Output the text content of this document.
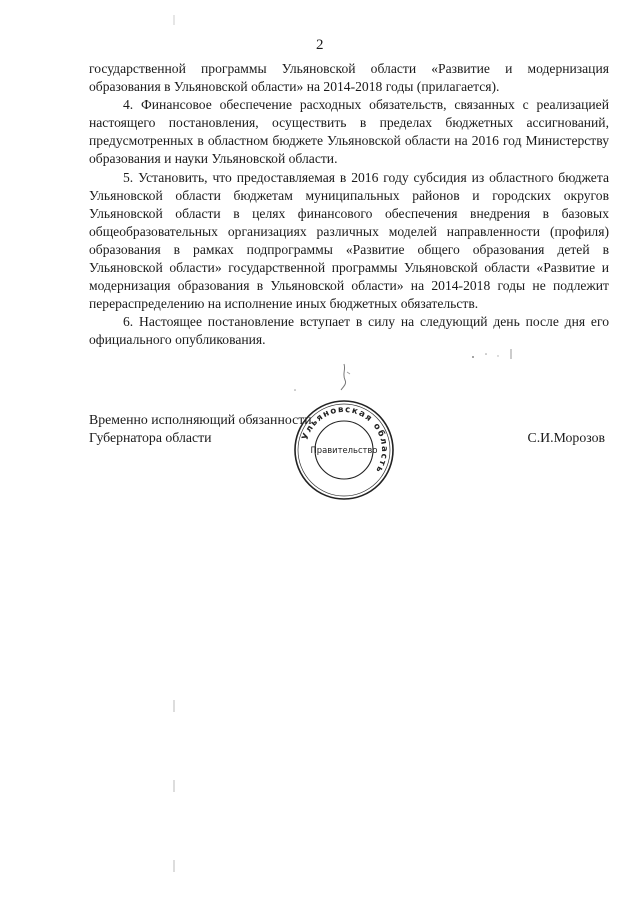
2

государственной программы Ульяновской области «Развитие и модернизация образования в Ульяновской области» на 2014-2018 годы (прилагается).

4. Финансовое обеспечение расходных обязательств, связанных с реализацией настоящего постановления, осуществить в пределах бюджетных ассигнований, предусмотренных в областном бюджете Ульяновской области на 2016 год Министерству образования и науки Ульяновской области.

5. Установить, что предоставляемая в 2016 году субсидия из областного бюджета Ульяновской области бюджетам муниципальных районов и городских округов Ульяновской области в целях финансового обеспечения внедрения в базовых общеобразовательных организациях различных моделей направленности (профиля) образования в рамках подпрограммы «Развитие общего образования детей в Ульяновской области» государственной программы Ульяновской области «Развитие и модернизация образования в Ульяновской области» на 2014-2018 годы не подлежит перераспределению на исполнение иных бюджетных обязательств.

6. Настоящее постановление вступает в силу на следующий день после дня его официального опубликования.

Временно исполняющий обязанности
Губернатора области	С.И.Морозов
Ульяновская область
Правительство
